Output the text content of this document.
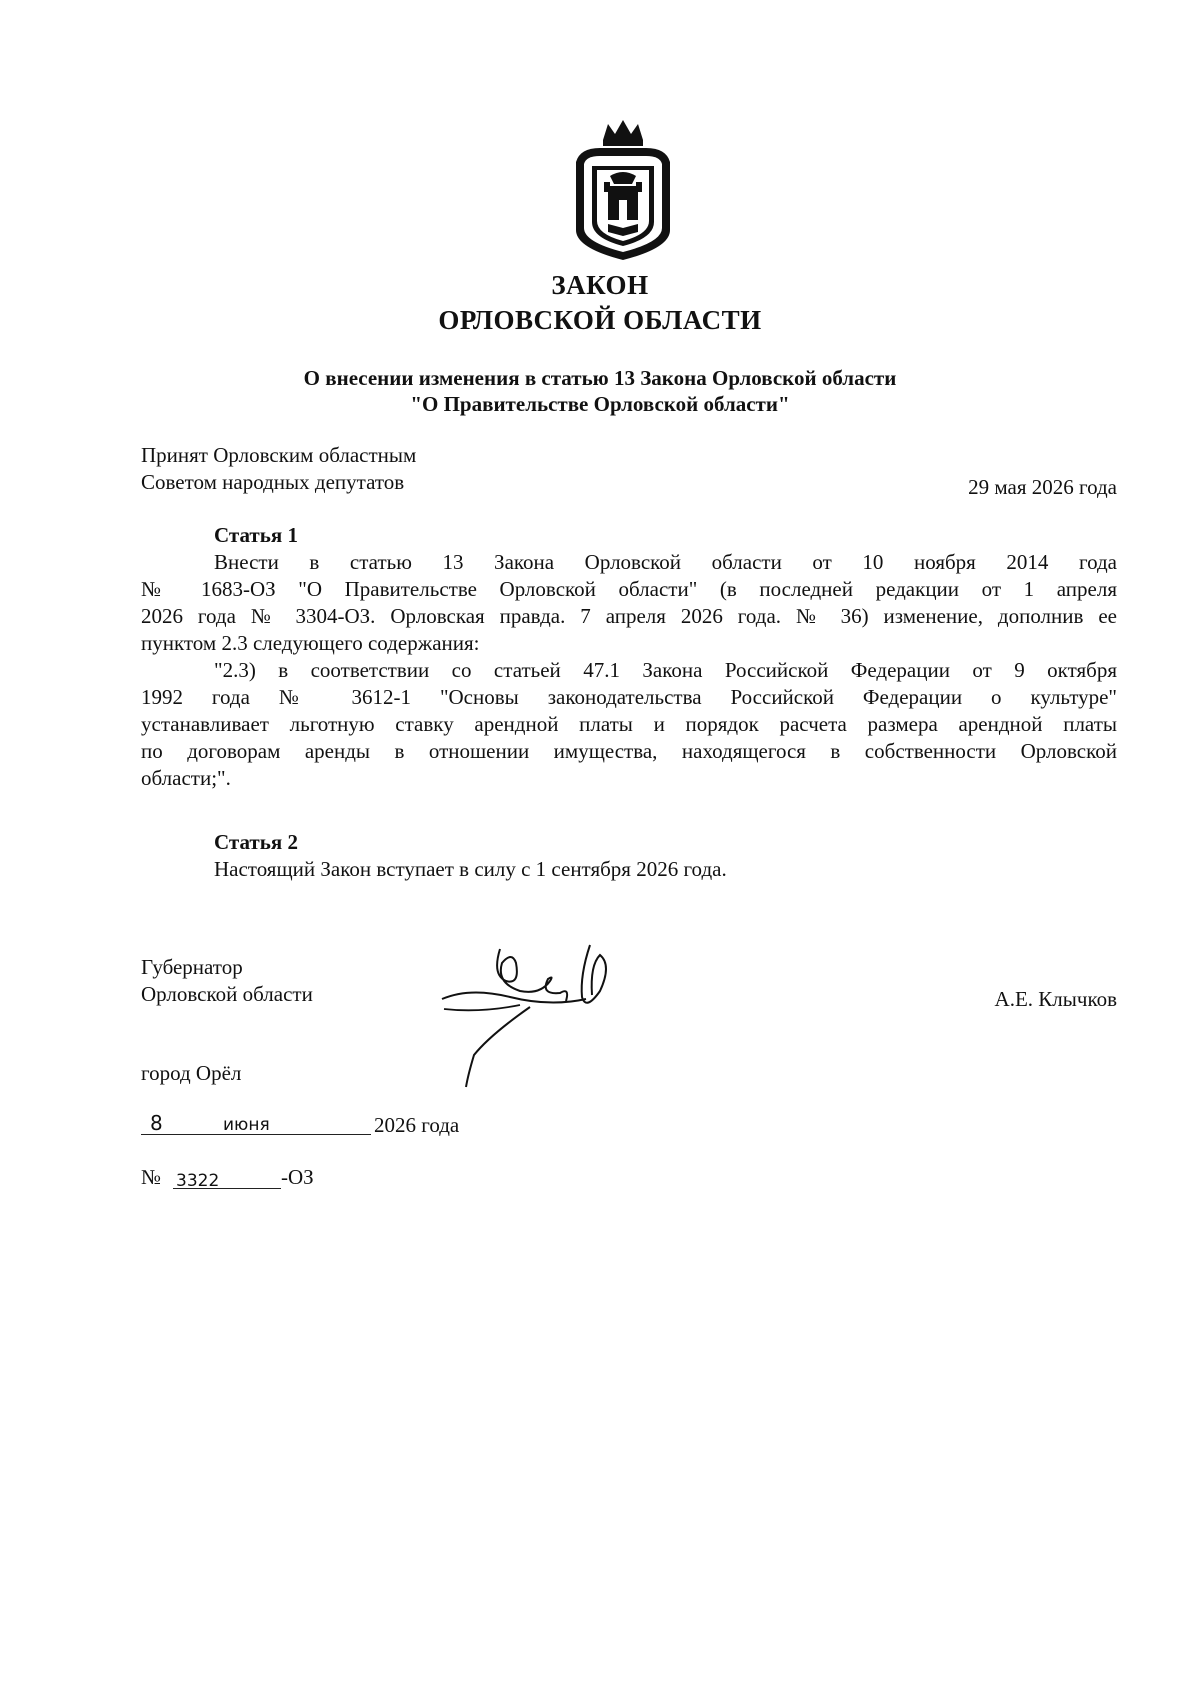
ЗАКОН
ОРЛОВСКОЙ ОБЛАСТИ
О внесении изменения в статью 13 Закона Орловской области
"О Правительстве Орловской области"
Принят Орловским областным
Советом народных депутатов	29 мая 2026 года
Статья 1
Внести в статью 13 Закона Орловской области от 10 ноября 2014 года
№ 1683-ОЗ "О Правительстве Орловской области" (в последней редакции от 1 апреля
2026 года № 3304-ОЗ. Орловская правда. 7 апреля 2026 года. № 36) изменение, дополнив ее
пунктом 2.3 следующего содержания:
"2.3) в соответствии со статьей 47.1 Закона Российской Федерации от 9 октября
1992 года № 3612-1 "Основы законодательства Российской Федерации о культуре"
устанавливает льготную ставку арендной платы и порядок расчета размера арендной платы
по договорам аренды в отношении имущества, находящегося в собственности Орловской
области;".
Статья 2
Настоящий Закон вступает в силу с 1 сентября 2026 года.
Губернатор
Орловской области	А.Е. Клычков
город Орёл
8	июня	2026 года
№ 3322	-ОЗ
